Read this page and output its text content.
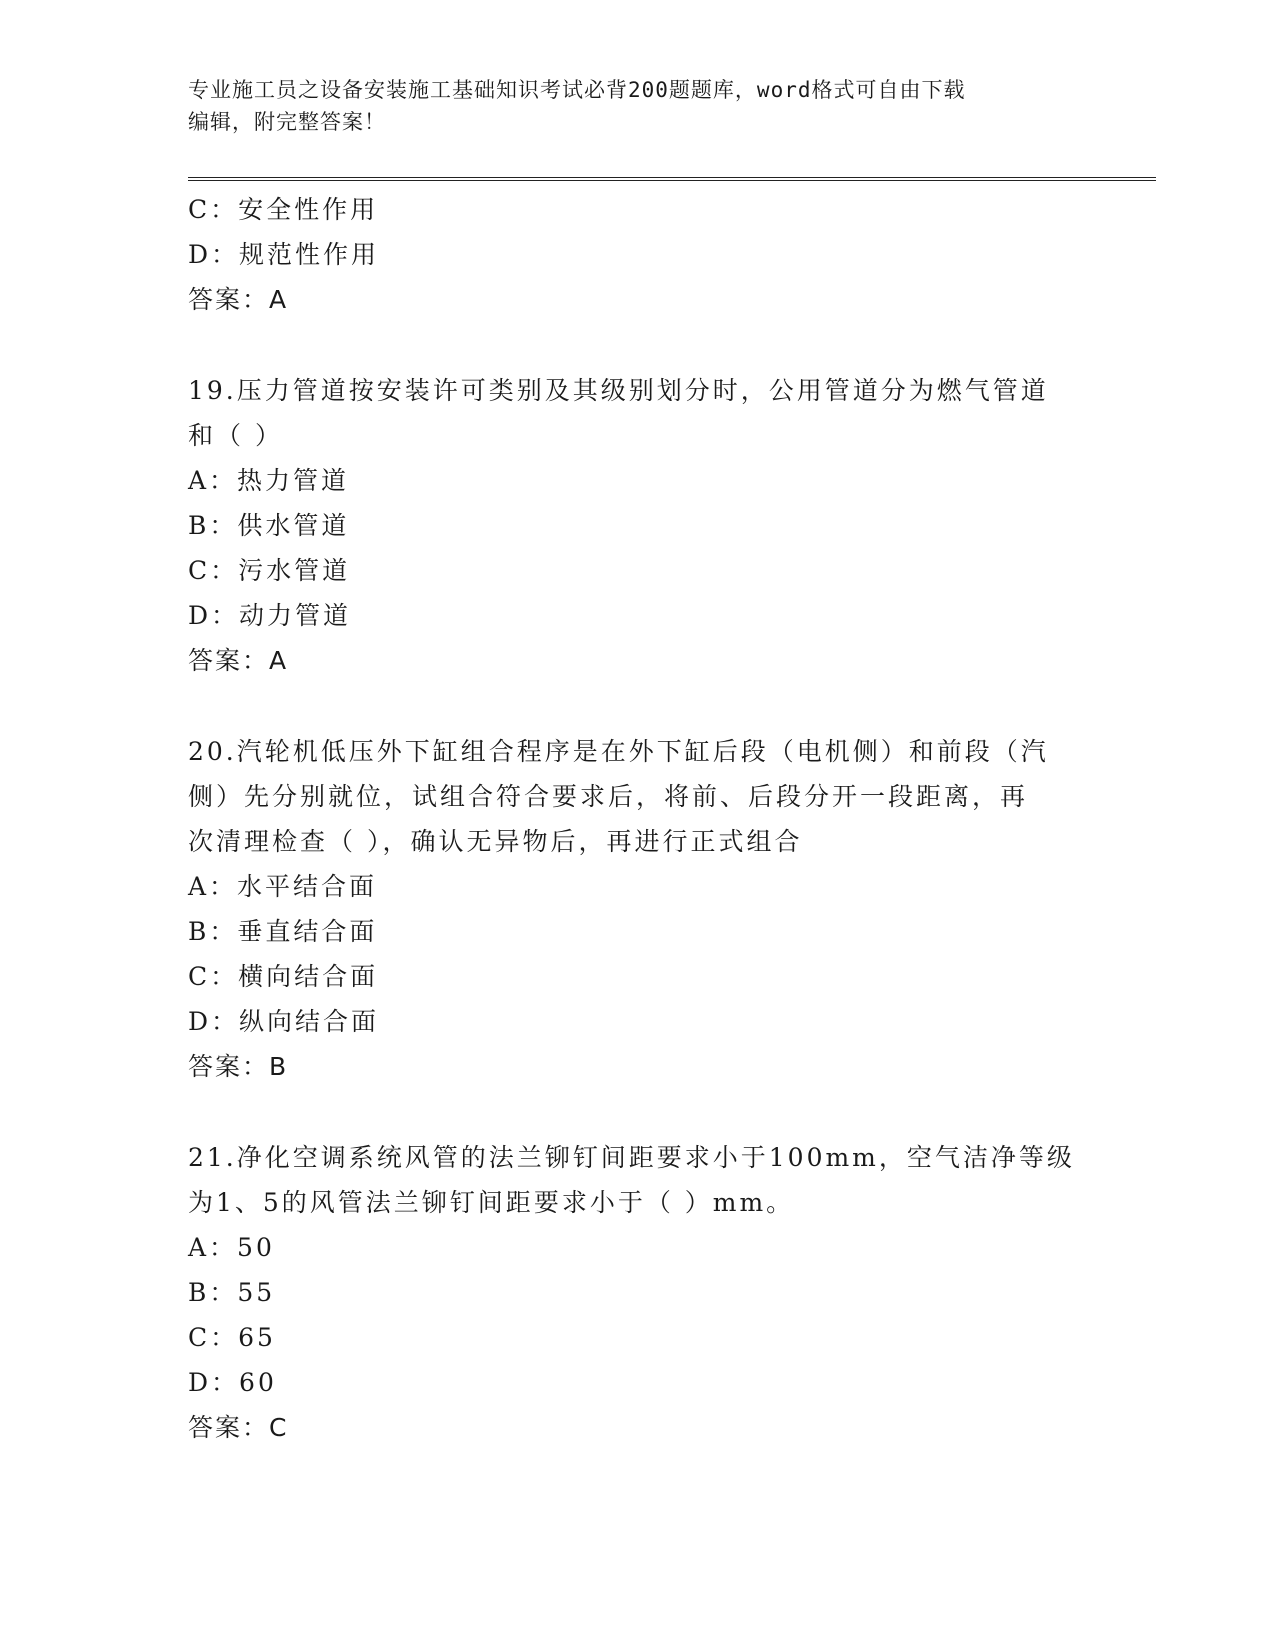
专业施工员之设备安装施工基础知识考试必背200题题库，word格式可自由下载
编辑，附完整答案！
C：安全性作用
D：规范性作用
答案：A
19.压力管道按安装许可类别及其级别划分时，公用管道分为燃气管道
和（ ）
A：热力管道
B：供水管道
C：污水管道
D：动力管道
答案：A
20.汽轮机低压外下缸组合程序是在外下缸后段（电机侧）和前段（汽
侧）先分别就位，试组合符合要求后，将前、后段分开一段距离，再
次清理检查（ ），确认无异物后，再进行正式组合
A：水平结合面
B：垂直结合面
C：横向结合面
D：纵向结合面
答案：B
21.净化空调系统风管的法兰铆钉间距要求小于100mm，空气洁净等级
为1、5的风管法兰铆钉间距要求小于（ ）mm。
A：50
B：55
C：65
D：60
答案：C
